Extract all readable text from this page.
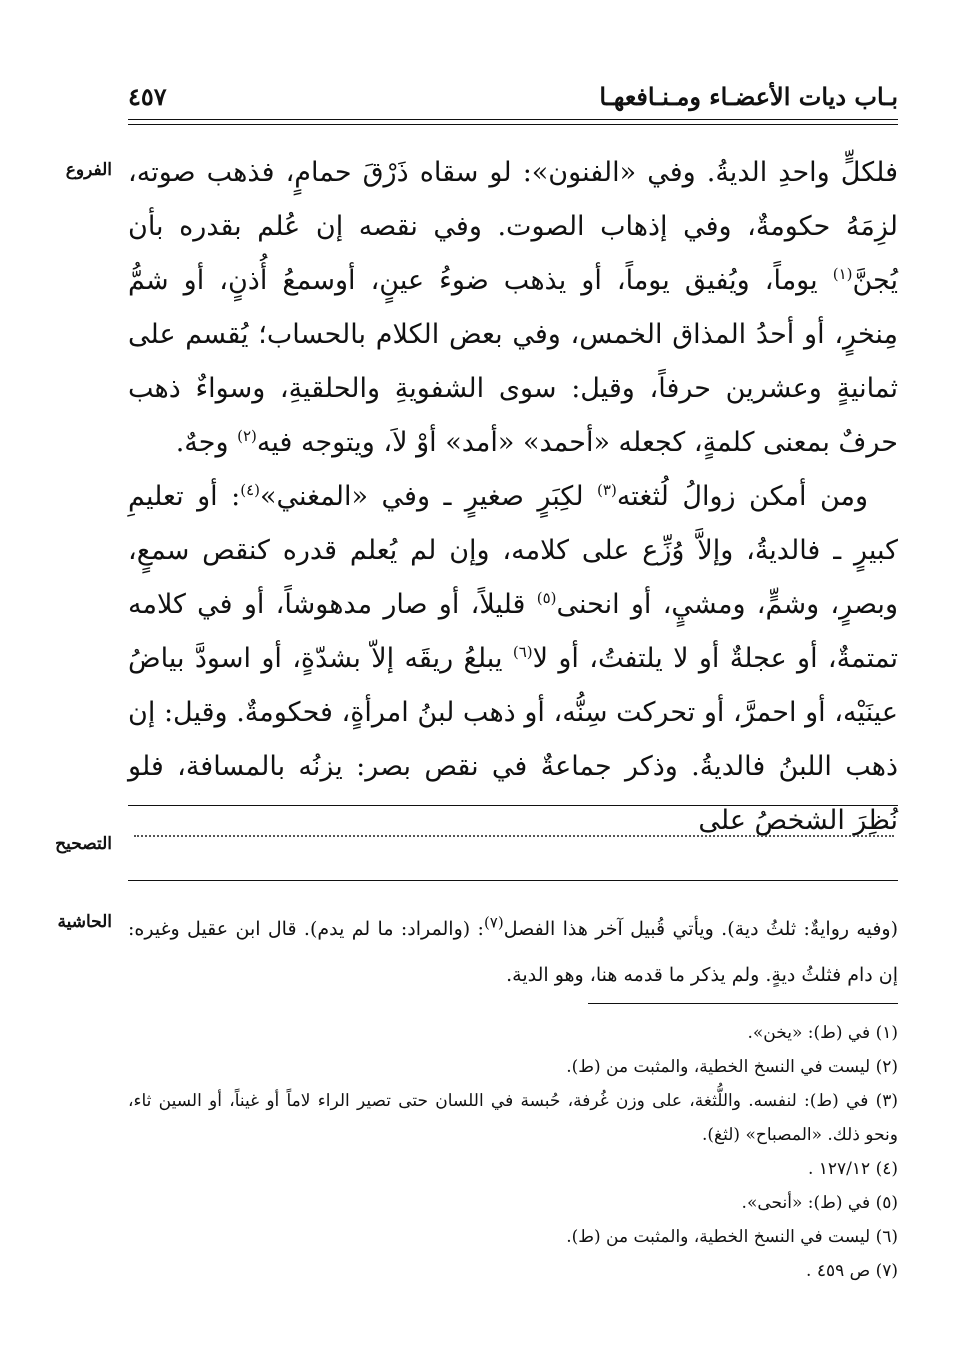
بـاب ديات الأعضـاء ومـنـافعهـا
٤٥٧
الفروع فلكلٍّ واحدِ الديةُ. وفي «الفنون»: لو سقاه ذَرْقَ حمامٍ، فذهب صوته، لزِمَهُ حكومةٌ، وفي إذهاب الصوت. وفي نقصه إن عُلم بقدره بأن يُجنَّ$^{(١)}$ يوماً، ويُفيق يوماً، أو يذهب ضوءُ عينٍ، أوسمعُ أُذنٍ، أو شمُّ مِنخرٍ، أو أحدُ المذاق الخمس، وفي بعض الكلام بالحساب؛ يُقسم على ثمانيةٍ وعشرين حرفاً، وقيل: سوى الشفويةِ والحلقيةِ، وسواءٌ ذهب حرفٌ بمعنى كلمةٍ، كجعله «أحمد» «أمد» أوْ لاَ، ويتوجه فيه$^{(٢)}$ وجهٌ.

ومن أمكن زوالُ لُثغته$^{(٣)}$ لكِبَرٍ صغيرٍ ـ وفي «المغني»$^{(٤)}$: أو تعليمِ كبيرٍ ـ فالديةُ، وإلاَّ وُزِّع على كلامه، وإن لم يُعلم قدره كنقص سمعٍ، وبصرٍ، وشمٍّ، ومشيٍ، أو انحنى$^{(٥)}$ قليلاً، أو صار مدهوشاً، أو في كلامه تمتمةٌ، أو عجلةٌ أو لا يلتفتُ، أو لا$^{(٦)}$ يبلعُ ريقَه إلاّ بشدّةٍ، أو اسودَّ بياضُ عينَيْه، أو احمرَّ، أو تحركت سِنُّه، أو ذهب لبنُ امرأةٍ، فحكومةٌ. وقيل: إن ذهب اللبنُ فالديةُ. وذكر جماعةٌ في نقص بصر: يزنُه بالمسافة، فلو نُظِرَ الشخصُ على

التصحيح
الحاشية	(وفيه روايةٌ: ثلثُ دية). ويأتي قُبيل آخر هذا الفصل$^{(٧)}$: (والمراد: ما لم يدم). قال ابن عقيل وغيره: إن دام فثلثُ ديةٍ. ولم يذكر ما قدمه هنا، وهو الدية.

(١) في (ط): «يخن».

(٢) ليست في النسخ الخطية، والمثبت من (ط).

(٣) في (ط): لنفسه. واللُّثغة، على وزن غُرفة، حُبسة في اللسان حتى تصير الراء لاماً أو غيناً، أو السين ثاء، ونحو ذلك. «المصباح» (لثغ).

(٤) ١٢٧/١٢ .

(٥) في (ط): «أنحى».

(٦) ليست في النسخ الخطية، والمثبت من (ط).

(٧) ص ٤٥٩ .
